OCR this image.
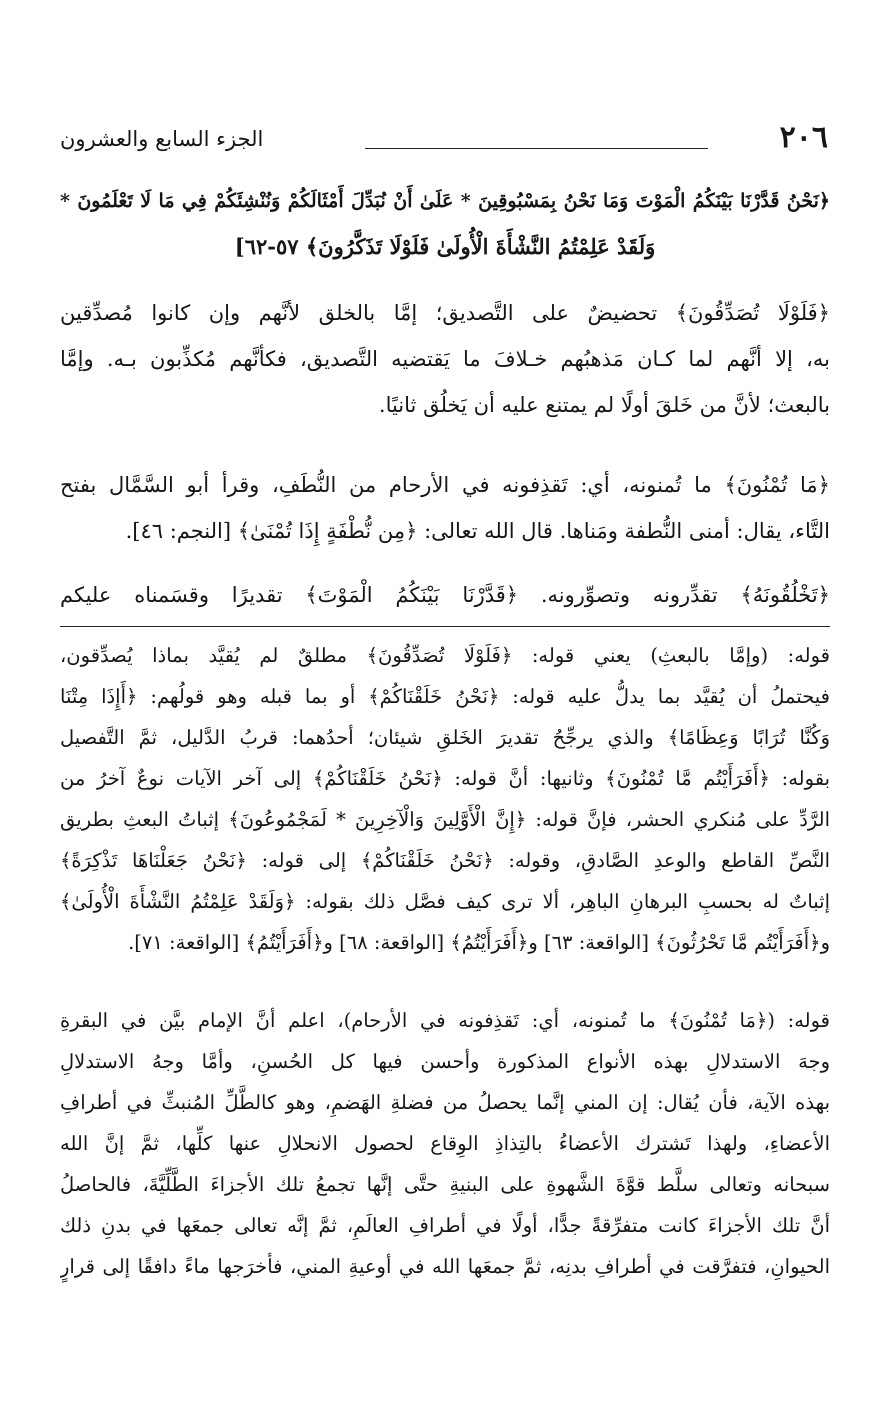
٢٠٦
الجزء السابع والعشرون
﴿نَحْنُ قَدَّرْنَا بَيْنَكُمُ الْمَوْتَ وَمَا نَحْنُ بِمَسْبُوقِينَ * عَلَىٰ أَنْ نُبَدِّلَ أَمْثَالَكُمْ وَنُنْشِئَكُمْ فِي مَا لَا تَعْلَمُونَ *
وَلَقَدْ عَلِمْتُمُ النَّشْأَةَ الْأُولَىٰ فَلَوْلَا تَذَكَّرُونَ﴾ ٥٧-٦٢]
﴿فَلَوْلَا تُصَدِّقُونَ﴾ تحضيضٌ على التَّصديق؛ إمَّا بالخلق لأنَّهم وإن كانوا مُصدِّقين
به، إلا أنَّهم لما كـان مَذهبُهم خـلافَ ما يَقتضيه التَّصديق، فكأنَّهم مُكذِّبون بـه. وإمَّا
بالبعث؛ لأنَّ من خَلقَ أولًا لم يمتنع عليه أن يَخلُق ثانيًا.
﴿مَا تُمْنُونَ﴾ ما تُمنونه، أي: تَقذِفونه في الأرحام من النُّطَفِ، وقرأ أبو السَّمَّال بفتح
التَّاء، يقال: أمنى النُّطفة ومَناها. قال الله تعالى: ﴿مِن نُّطْفَةٍ إِذَا تُمْنَىٰ﴾ [النجم: ٤٦].
﴿تَخْلُقُونَهُ﴾ تقدِّرونه وتصوِّرونه. ﴿قَدَّرْنَا بَيْنَكُمُ الْمَوْتَ﴾ تقديرًا وقسَمناه عليكم
قوله: (وإمَّا بالبعثِ) يعني قوله: ﴿فَلَوْلَا تُصَدِّقُونَ﴾ مطلقٌ لم يُقيَّد بماذا يُصدِّقون،
فيحتملُ أن يُقيَّد بما يدلُّ عليه قوله: ﴿نَحْنُ خَلَقْنَاكُمْ﴾ أو بما قبله وهو قولُهم: ﴿أَإِذَا مِتْنَا
وَكُنَّا تُرَابًا وَعِظَامًا﴾ والذي يرجِّحُ تقديرَ الخَلقِ شيئان؛ أحدُهما: قربُ الدَّليل، ثمَّ التَّفصيل
بقوله: ﴿أَفَرَأَيْتُم مَّا تُمْنُونَ﴾ وثانيها: أنَّ قوله: ﴿نَحْنُ خَلَقْنَاكُمْ﴾ إلى آخر الآيات نوعٌ آخرُ من
الرَّدِّ على مُنكري الحشر، فإنَّ قوله: ﴿إِنَّ الْأَوَّلِينَ وَالْآخِرِينَ * لَمَجْمُوعُونَ﴾ إثباتُ البعثِ بطريق
النَّصِّ القاطع والوعدِ الصَّادقِ، وقوله: ﴿نَحْنُ خَلَقْنَاكُمْ﴾ إلى قوله: ﴿نَحْنُ جَعَلْنَاهَا تَذْكِرَةً﴾
إثباتٌ له بحسبِ البرهانِ الباهِر، ألا ترى كيف فصَّل ذلك بقوله: ﴿وَلَقَدْ عَلِمْتُمُ النَّشْأَةَ الْأُولَىٰ﴾
و﴿أَفَرَأَيْتُم مَّا تَحْرُثُونَ﴾ [الواقعة: ٦٣] و﴿أَفَرَأَيْتُمُ﴾ [الواقعة: ٦٨] و﴿أَفَرَأَيْتُمُ﴾ [الواقعة: ٧١].
قوله: (﴿مَا تُمْنُونَ﴾ ما تُمنونه، أي: تَقذِفونه في الأرحام)، اعلم أنَّ الإمام بيَّن في البقرةِ
وجهَ الاستدلالِ بهذه الأنواع المذكورة وأحسن فيها كل الحُسنِ، وأمَّا وجهُ الاستدلالِ
بهذه الآية، فأن يُقال: إن المني إنَّما يحصلُ من فضلةِ الهَضمِ، وهو كالطَّلِّ المُنبثِّ في أطرافِ
الأعضاءِ، ولهذا تَشترك الأعضاءُ بالتِذاذِ الوِقاع لحصول الانحلالِ عنها كلِّها، ثمَّ إنَّ الله
سبحانه وتعالى سلَّط قوَّةَ الشَّهوةِ على البنيةِ حتَّى إنَّها تجمعُ تلك الأجزاءَ الطَّلِّيَّةَ، فالحاصلُ
أنَّ تلك الأجزاءَ كانت متفرِّقةً جدًّا، أولًا في أطرافِ العالَمِ، ثمَّ إنَّه تعالى جمعَها في بدنِ ذلك
الحيوانِ، فتفرَّقت في أطرافِ بدنِه، ثمَّ جمعَها الله في أوعيةِ المني، فأخرَجها ماءً دافقًا إلى قرارٍ
